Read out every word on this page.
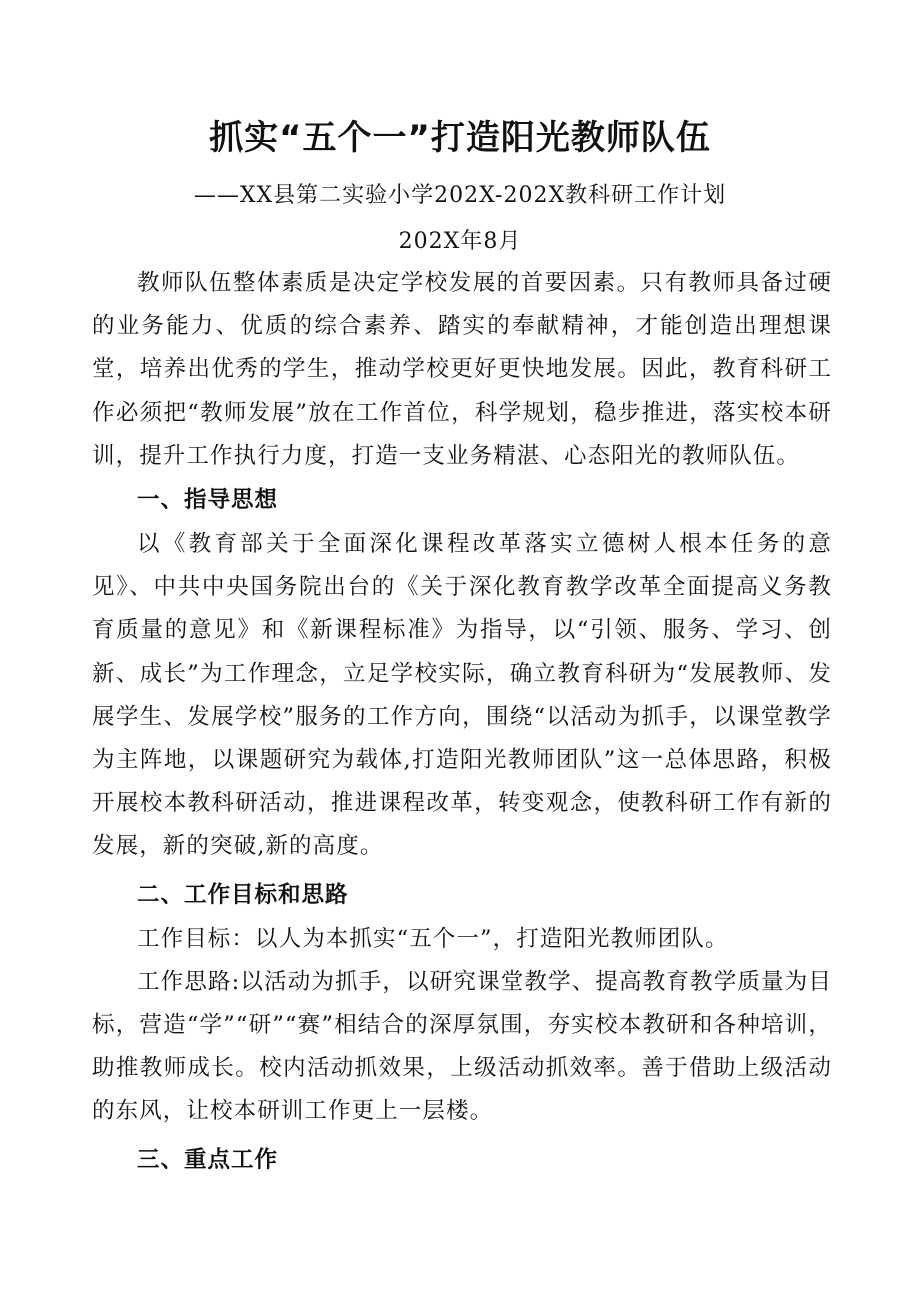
抓实“五个一”打造阳光教师队伍

——XX县第二实验小学202X-202X教科研工作计划

202X年8月

教师队伍整体素质是决定学校发展的首要因素。只有教师具备过硬的业务能力、优质的综合素养、踏实的奉献精神，才能创造出理想课堂，培养出优秀的学生，推动学校更好更快地发展。因此，教育科研工作必须把“教师发展”放在工作首位，科学规划，稳步推进，落实校本研训，提升工作执行力度，打造一支业务精湛、心态阳光的教师队伍。

一、指导思想

以《教育部关于全面深化课程改革落实立德树人根本任务的意见》、中共中央国务院出台的《关于深化教育教学改革全面提高义务教育质量的意见》和《新课程标准》为指导，以“引领、服务、学习、创新、成长”为工作理念，立足学校实际，确立教育科研为“发展教师、发展学生、发展学校”服务的工作方向，围绕“以活动为抓手，以课堂教学为主阵地，以课题研究为载体,打造阳光教师团队”这一总体思路，积极开展校本教科研活动，推进课程改革，转变观念，使教科研工作有新的发展，新的突破,新的高度。

二、工作目标和思路

工作目标：以人为本抓实“五个一”，打造阳光教师团队。

工作思路:以活动为抓手，以研究课堂教学、提高教育教学质量为目标，营造“学”“研”“赛”相结合的深厚氛围，夯实校本教研和各种培训，助推教师成长。校内活动抓效果，上级活动抓效率。善于借助上级活动的东风，让校本研训工作更上一层楼。

三、重点工作
